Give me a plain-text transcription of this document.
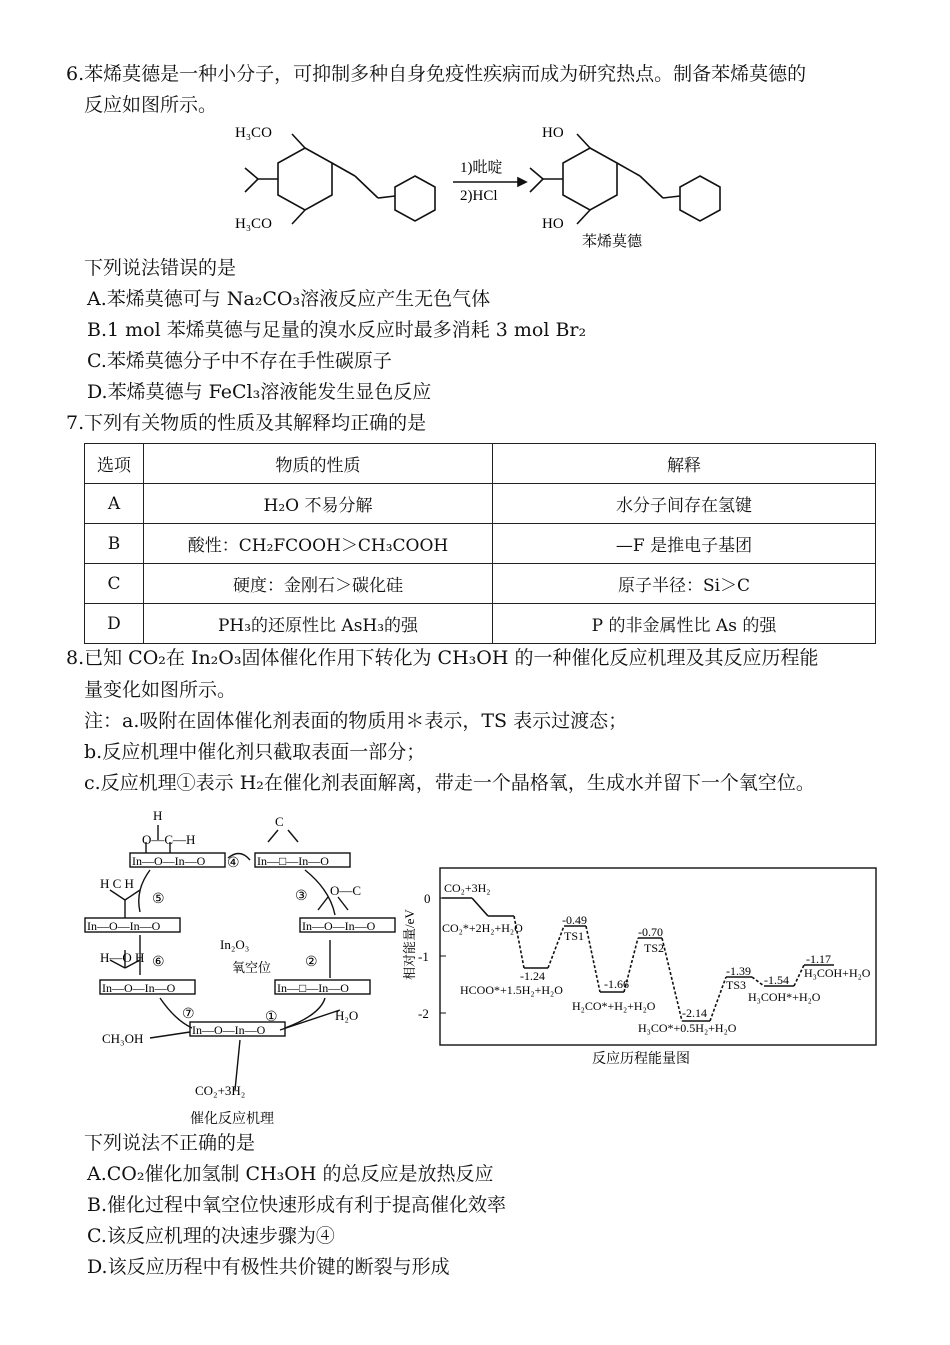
6.苯烯莫德是一种小分子，可抑制多种自身免疫性疾病而成为研究热点。制备苯烯莫德的
反应如图所示。
H₃CO
H₃CO
1)吡啶
2)HCl
HO
HO
苯烯莫德
下列说法错误的是
A.苯烯莫德可与 Na₂CO₃溶液反应产生无色气体
B.1 mol 苯烯莫德与足量的溴水反应时最多消耗 3 mol Br₂
C.苯烯莫德分子中不存在手性碳原子
D.苯烯莫德与 FeCl₃溶液能发生显色反应
7.下列有关物质的性质及其解释均正确的是
选项	物质的性质	解释
A	H₂O 不易分解	水分子间存在氢键
B	酸性：CH₂FCOOH＞CH₃COOH	—F 是推电子基团
C	硬度：金刚石＞碳化硅	原子半径：Si＞C
D	PH₃的还原性比 AsH₃的强	P 的非金属性比 As 的强
8.已知 CO₂在 In₂O₃固体催化作用下转化为 CH₃OH 的一种催化反应机理及其反应历程能
量变化如图所示。
注：a.吸附在固体催化剂表面的物质用＊表示，TS 表示过渡态；
b.反应机理中催化剂只截取表面一部分；
c.反应机理①表示 H₂在催化剂表面解离，带走一个晶格氧，生成水并留下一个氧空位。
H
O—C—H
C
O—C
H C H
H—O H
In—O—In—O	In—□—In—O
In—O—In—O	In—O—In—O
In—O—In—O	In—□—In—O
In—O—In—O
④
⑤
⑥
⑦	①
②
③
In₂O₃
氧空位
H₂O
CH₃OH
CO₂+3H₂
催化反应机理
0
-1
-2
相对能量/eV
CO₂+3H₂
CO₂*+2H₂+H₂O
-1.24
HCOO*+1.5H₂+H₂O
-0.49
TS1
-1.66
H₂CO*+H₂+H₂O
-0.70
TS2
-2.14
H₃CO*+0.5H₂+H₂O
-1.39
TS3 -1.54
H₃COH*+H₂O
-1.17
H₃COH+H₂O
反应历程能量图
下列说法不正确的是
A.CO₂催化加氢制 CH₃OH 的总反应是放热反应
B.催化过程中氧空位快速形成有利于提高催化效率
C.该反应机理的决速步骤为④
D.该反应历程中有极性共价键的断裂与形成
